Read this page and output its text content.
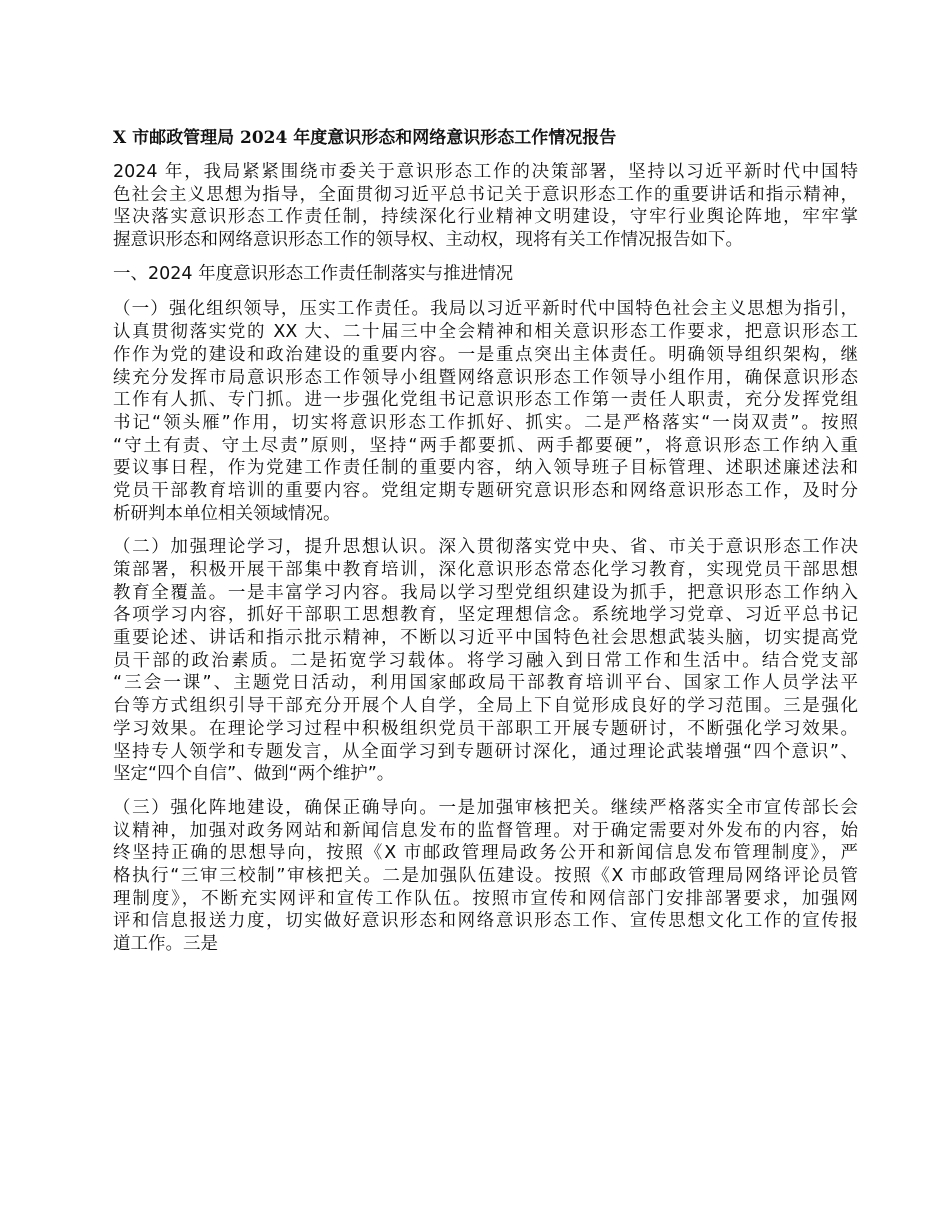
X 市邮政管理局 2024 年度意识形态和网络意识形态工作情况报告
2024 年，我局紧紧围绕市委关于意识形态工作的决策部署，坚持以习近平新时代中国特
色社会主义思想为指导，全面贯彻习近平总书记关于意识形态工作的重要讲话和指示精神，
坚决落实意识形态工作责任制，持续深化行业精神文明建设，守牢行业舆论阵地，牢牢掌
握意识形态和网络意识形态工作的领导权、主动权，现将有关工作情况报告如下。
一、2024 年度意识形态工作责任制落实与推进情况
（一）强化组织领导，压实工作责任。我局以习近平新时代中国特色社会主义思想为指引，
认真贯彻落实党的 XX 大、二十届三中全会精神和相关意识形态工作要求，把意识形态工
作作为党的建设和政治建设的重要内容。一是重点突出主体责任。明确领导组织架构，继
续充分发挥市局意识形态工作领导小组暨网络意识形态工作领导小组作用，确保意识形态
工作有人抓、专门抓。进一步强化党组书记意识形态工作第一责任人职责，充分发挥党组
书记“领头雁”作用，切实将意识形态工作抓好、抓实。二是严格落实“一岗双责”。按照
“守土有责、守土尽责”原则，坚持“两手都要抓、两手都要硬”，将意识形态工作纳入重
要议事日程，作为党建工作责任制的重要内容，纳入领导班子目标管理、述职述廉述法和
党员干部教育培训的重要内容。党组定期专题研究意识形态和网络意识形态工作，及时分
析研判本单位相关领域情况。
（二）加强理论学习，提升思想认识。深入贯彻落实党中央、省、市关于意识形态工作决
策部署，积极开展干部集中教育培训，深化意识形态常态化学习教育，实现党员干部思想
教育全覆盖。一是丰富学习内容。我局以学习型党组织建设为抓手，把意识形态工作纳入
各项学习内容，抓好干部职工思想教育，坚定理想信念。系统地学习党章、习近平总书记
重要论述、讲话和指示批示精神，不断以习近平中国特色社会思想武装头脑，切实提高党
员干部的政治素质。二是拓宽学习载体。将学习融入到日常工作和生活中。结合党支部
“三会一课”、主题党日活动，利用国家邮政局干部教育培训平台、国家工作人员学法平
台等方式组织引导干部充分开展个人自学，全局上下自觉形成良好的学习范围。三是强化
学习效果。在理论学习过程中积极组织党员干部职工开展专题研讨，不断强化学习效果。
坚持专人领学和专题发言，从全面学习到专题研讨深化，通过理论武装增强“四个意识”、
坚定“四个自信”、做到“两个维护”。
（三）强化阵地建设，确保正确导向。一是加强审核把关。继续严格落实全市宣传部长会
议精神，加强对政务网站和新闻信息发布的监督管理。对于确定需要对外发布的内容，始
终坚持正确的思想导向，按照《X 市邮政管理局政务公开和新闻信息发布管理制度》，严
格执行“三审三校制”审核把关。二是加强队伍建设。按照《X 市邮政管理局网络评论员管
理制度》，不断充实网评和宣传工作队伍。按照市宣传和网信部门安排部署要求，加强网
评和信息报送力度，切实做好意识形态和网络意识形态工作、宣传思想文化工作的宣传报
道工作。三是
